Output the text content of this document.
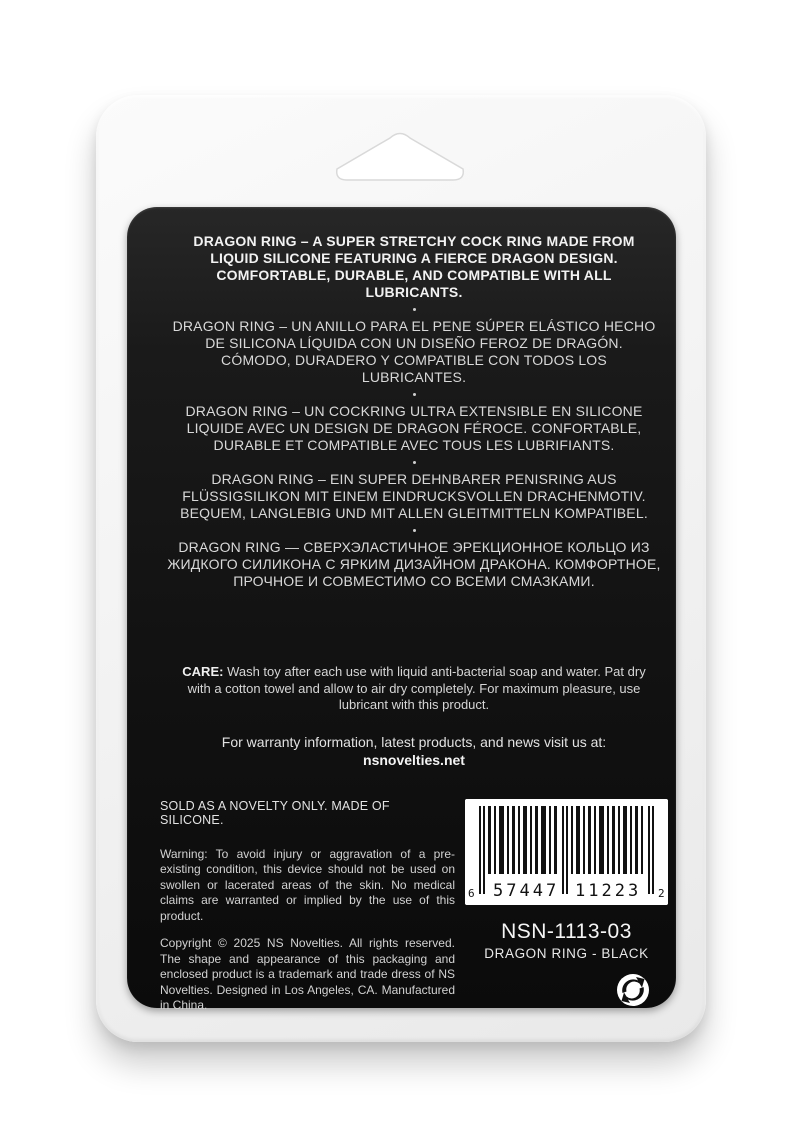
DRAGON RING – A SUPER STRETCHY COCK RING MADE FROM LIQUID SILICONE FEATURING A FIERCE DRAGON DESIGN. COMFORTABLE, DURABLE, AND COMPATIBLE WITH ALL LUBRICANTS.

DRAGON RING – UN ANILLO PARA EL PENE SÚPER ELÁSTICO HECHO DE SILICONA LÍQUIDA CON UN DISEÑO FEROZ DE DRAGÓN. CÓMODO, DURADERO Y COMPATIBLE CON TODOS LOS LUBRICANTES.

DRAGON RING – UN COCKRING ULTRA EXTENSIBLE EN SILICONE LIQUIDE AVEC UN DESIGN DE DRAGON FÉROCE. CONFORTABLE, DURABLE ET COMPATIBLE AVEC TOUS LES LUBRIFIANTS.

DRAGON RING – EIN SUPER DEHNBARER PENISRING AUS FLÜSSIGSILIKON MIT EINEM EINDRUCKSVOLLEN DRACHENMOTIV. BEQUEM, LANGLEBIG UND MIT ALLEN GLEITMITTELN KOMPATIBEL.

DRAGON RING — СВЕРХЭЛАСТИЧНОЕ ЭРЕКЦИОННОЕ КОЛЬЦО ИЗ ЖИДКОГО СИЛИКОНА С ЯРКИМ ДИЗАЙНОМ ДРАКОНА. КОМФОРТНОЕ, ПРОЧНОЕ И СОВМЕСТИМО СО ВСЕМИ СМАЗКАМИ.

CARE: Wash toy after each use with liquid anti-bacterial soap and water. Pat dry with a cotton towel and allow to air dry completely. For maximum pleasure, use lubricant with this product.

For warranty information, latest products, and news visit us at:
nsnovelties.net

SOLD AS A NOVELTY ONLY. MADE OF SILICONE.

Warning: To avoid injury or aggravation of a pre-existing condition, this device should not be used on swollen or lacerated areas of the skin. No medical claims are warranted or implied by the use of this product.

Copyright © 2025 NS Novelties. All rights reserved. The shape and appearance of this packaging and enclosed product is a trademark and trade dress of NS Novelties. Designed in Los Angeles, CA. Manufactured in China.

6 57447 11223 2
NSN-1113-03
DRAGON RING - BLACK
